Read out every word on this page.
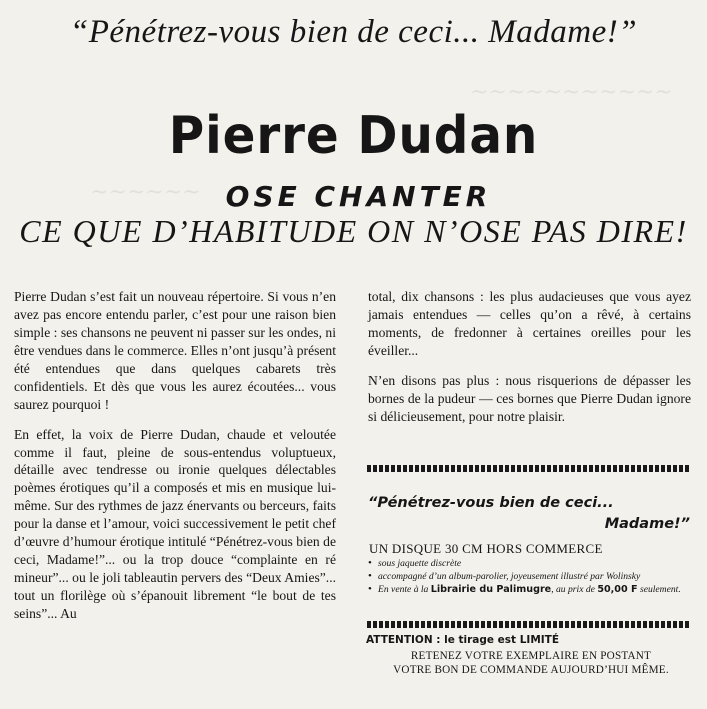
~~~~~~~~~~~
~~~~~~
“Pénétrez-vous bien de ceci... Madame!”
Pierre Dudan
OSE CHANTER
CE QUE D’HABITUDE ON N’OSE PAS DIRE!

Pierre Dudan s’est fait un nouveau répertoire. Si vous n’en avez pas encore entendu parler, c’est pour une raison bien simple : ses chansons ne peuvent ni passer sur les ondes, ni être vendues dans le commerce. Elles n’ont jusqu’à présent été entendues que dans quelques cabarets très confidentiels. Et dès que vous les aurez écoutées... vous saurez pourquoi !

En effet, la voix de Pierre Dudan, chaude et veloutée comme il faut, pleine de sous-entendus voluptueux, détaille avec tendresse ou ironie quelques délectables poèmes érotiques qu’il a composés et mis en musique lui-même. Sur des rythmes de jazz énervants ou berceurs, faits pour la danse et l’amour, voici successivement le petit chef d’œuvre d’humour érotique intitulé “Pénétrez-vous bien de ceci, Madame!”... ou la trop douce “complainte en ré mineur”... ou le joli tableautin pervers des “Deux Amies”... tout un florilège où s’épanouit librement “le bout de tes seins”... Au

total, dix chansons : les plus audacieuses que vous ayez jamais entendues — celles qu’on a rêvé, à certains moments, de fredonner à certaines oreilles pour les éveiller...

N’en disons pas plus : nous risquerions de dépasser les bornes de la pudeur — ces bornes que Pierre Dudan ignore si délicieusement, pour notre plaisir.

“Pénétrez-vous bien de ceci...
Madame!”
UN DISQUE 30 CM HORS COMMERCE
• sous jaquette discrète
• accompagné d’un album-parolier, joyeusement illustré par Wolinsky
• En vente à la Librairie du Palimugre, au prix de 50,00 F seulement.
ATTENTION : le tirage est LIMITÉ
RETENEZ VOTRE EXEMPLAIRE EN POSTANT
VOTRE BON DE COMMANDE AUJOURD’HUI MÊME.
